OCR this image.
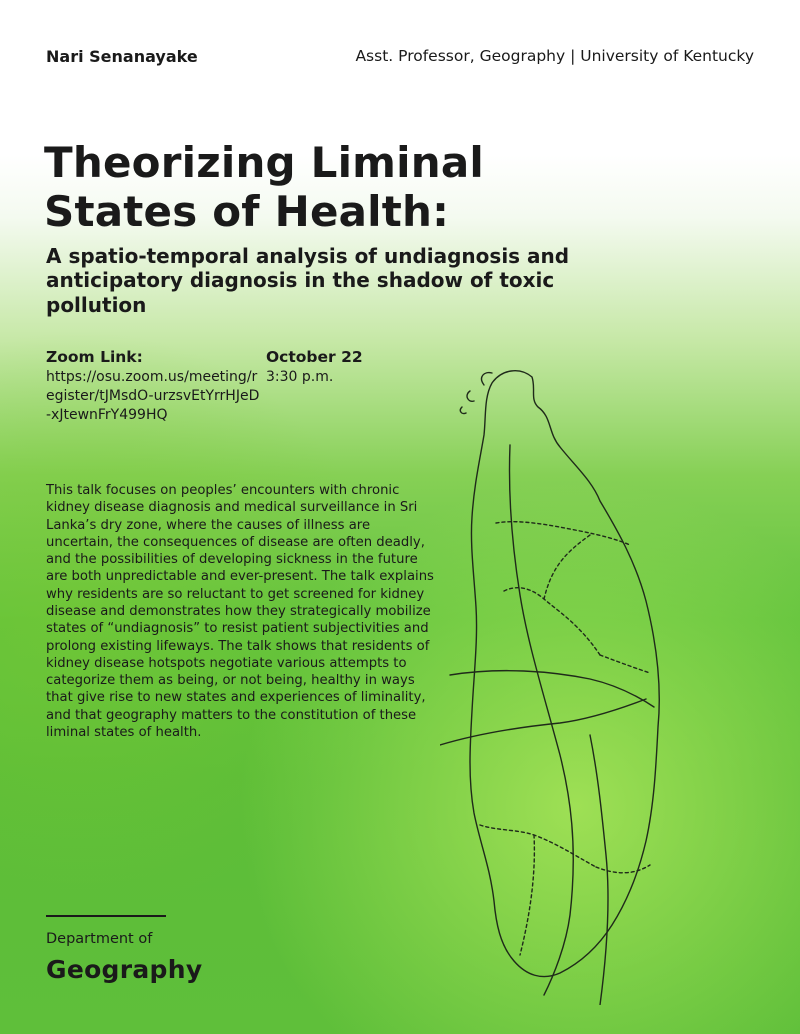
Nari Senanayake	Asst. Professor, Geography | University of Kentucky
Theorizing Liminal
States of Health:
A spatio-temporal analysis of undiagnosis and anticipatory diagnosis in the shadow of toxic pollution
Zoom Link:
https://osu.zoom.us/meeting/register/tJMsdO-urzsvEtYrrHJeD-xJtewnFrY499HQ
October 22
3:30 p.m.

This talk focuses on peoples’ encounters with chronic kidney disease diagnosis and medical surveillance in Sri Lanka’s dry zone, where the causes of illness are uncertain, the consequences of disease are often deadly, and the possibilities of developing sickness in the future are both unpredictable and ever-present. The talk explains why residents are so reluctant to get screened for kidney disease and demonstrates how they strategically mobilize states of “undiagnosis” to resist patient subjectivities and prolong existing lifeways. The talk shows that residents of kidney disease hotspots negotiate various attempts to categorize them as being, or not being, healthy in ways that give rise to new states and experiences of liminality, and that geography matters to the constitution of these liminal states of health.

Department of
Geography
